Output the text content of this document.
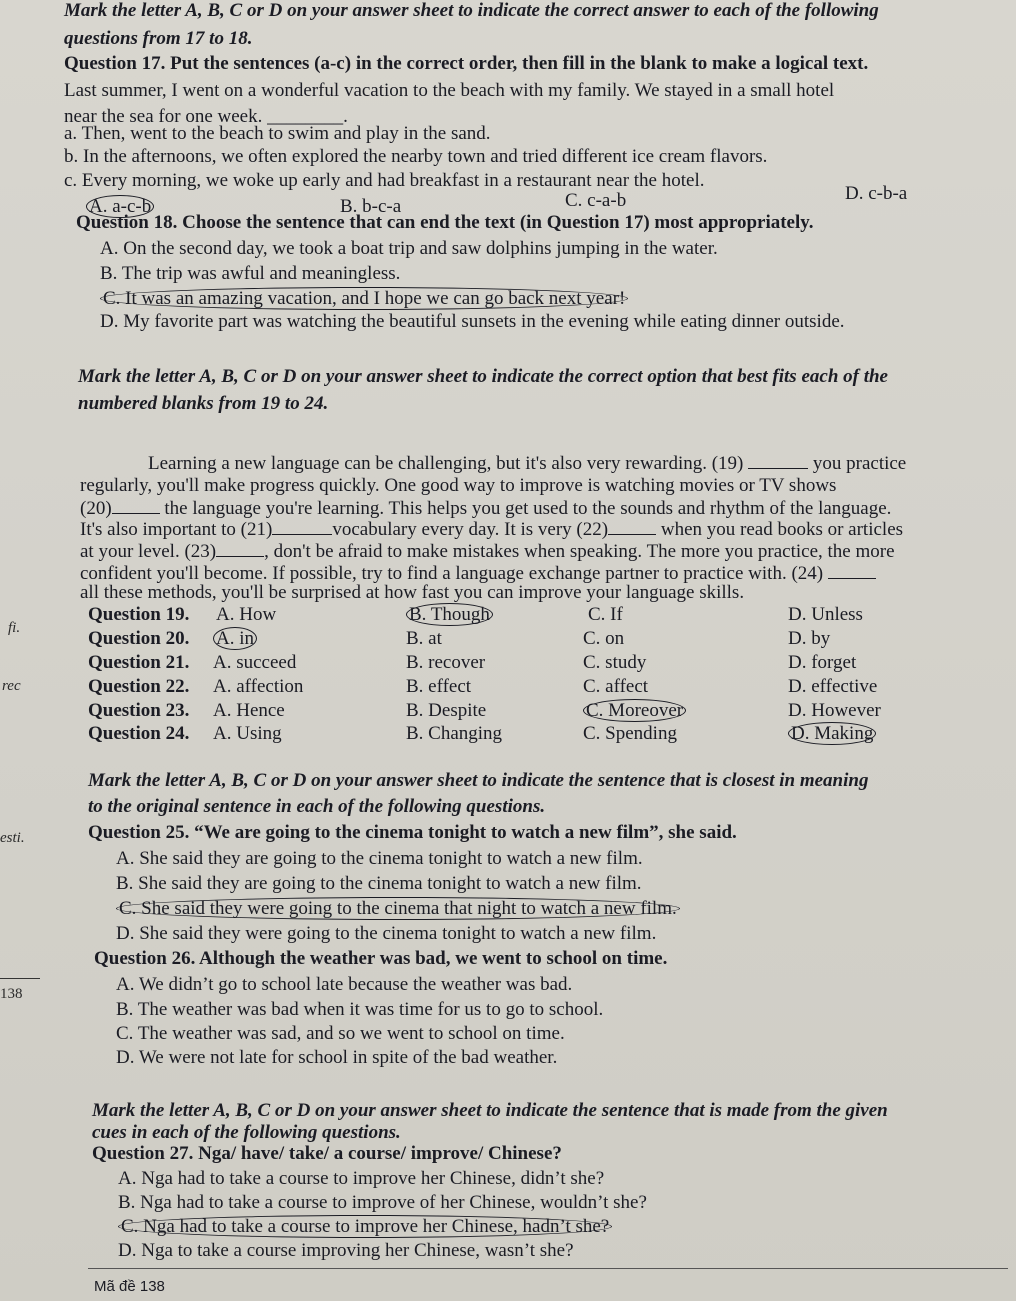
Mark the letter A, B, C or D on your answer sheet to indicate the correct answer to each of the following
questions from 17 to 18.
Question 17. Put the sentences (a-c) in the correct order, then fill in the blank to make a logical text.
Last summer, I went on a wonderful vacation to the beach with my family. We stayed in a small hotel
near the sea for one week. ________.
a. Then, went to the beach to swim and play in the sand.
b. In the afternoons, we often explored the nearby town and tried different ice cream flavors.
c. Every morning, we woke up early and had breakfast in a restaurant near the hotel.
A. a-c-b	B. b-c-a	C. c-a-b	D. c-b-a
Question 18. Choose the sentence that can end the text (in Question 17) most appropriately.
A. On the second day, we took a boat trip and saw dolphins jumping in the water.
B. The trip was awful and meaningless.
C. It was an amazing vacation, and I hope we can go back next year!
D. My favorite part was watching the beautiful sunsets in the evening while eating dinner outside.
Mark the letter A, B, C or D on your answer sheet to indicate the correct option that best fits each of the
numbered blanks from 19 to 24.
Learning a new language can be challenging, but it's also very rewarding. (19)	you practice
regularly, you'll make progress quickly. One good way to improve is watching movies or TV shows
(20)	the language you're learning. This helps you get used to the sounds and rhythm of the language.
It's also important to (21)	vocabulary every day. It is very (22)	when you read books or articles
at your level. (23)	, don't be afraid to make mistakes when speaking. The more you practice, the more
confident you'll become. If possible, try to find a language exchange partner to practice with. (24)
all these methods, you'll be surprised at how fast you can improve your language skills.
Question 19. A. How	B. Though	C. If	D. Unless
Question 20. A. in	B. at	C. on	D. by
Question 21. A. succeed	B. recover	C. study	D. forget
Question 22. A. affection	B. effect	C. affect	D. effective
Question 23. A. Hence	B. Despite	C. Moreover	D. However
Question 24. A. Using	B. Changing	C. Spending	D. Making
Mark the letter A, B, C or D on your answer sheet to indicate the sentence that is closest in meaning
to the original sentence in each of the following questions.
Question 25. “We are going to the cinema tonight to watch a new film”, she said.
A. She said they are going to the cinema tonight to watch a new film.
B. She said they are going to the cinema tonight to watch a new film.
C. She said they were going to the cinema that night to watch a new film.
D. She said they were going to the cinema tonight to watch a new film.
Question 26. Although the weather was bad, we went to school on time.
A. We didn’t go to school late because the weather was bad.
B. The weather was bad when it was time for us to go to school.
C. The weather was sad, and so we went to school on time.
D. We were not late for school in spite of the bad weather.
Mark the letter A, B, C or D on your answer sheet to indicate the sentence that is made from the given
cues in each of the following questions.
Question 27. Nga/ have/ take/ a course/ improve/ Chinese?
A. Nga had to take a course to improve her Chinese, didn’t she?
B. Nga had to take a course to improve of her Chinese, wouldn’t she?
C. Nga had to take a course to improve her Chinese, hadn’t she?
D. Nga to take a course improving her Chinese, wasn’t she?
fi.
rec
esti.
138
Mã đề 138
